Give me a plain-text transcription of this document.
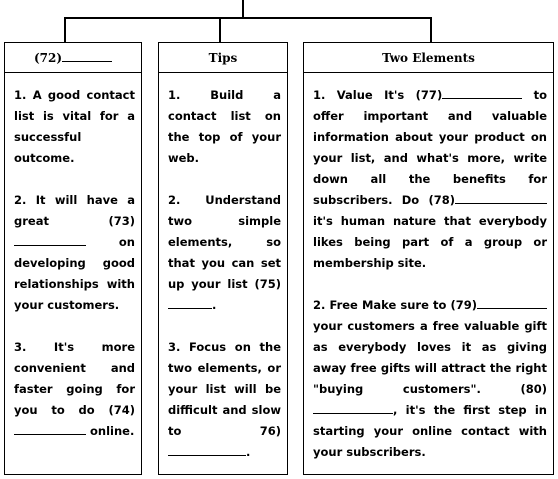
(72)
1. A good contact list is vital for a successful outcome.
2. It will have a great (73) on developing good relationships with your customers.
3. It's more convenient and faster going for you to do (74) online.
Tips
1. Build a contact list on the top of your web.
2. Understand two simple elements, so that you can set up your list (75).
3. Focus on the two elements, or your list will be difficult and slow to 76).
Two Elements
1. Value It's (77)	to offer important and valuable information about your product on your list, and what's more, write down all the benefits for subscribers. Do (78) it's human nature that everybody likes being part of a group or membership site.
2. Free Make sure to (79) your customers a free valuable gift as everybody loves it as giving away free gifts will attract the right "buying customers". (80), it's the first step in starting your online contact with your subscribers.
